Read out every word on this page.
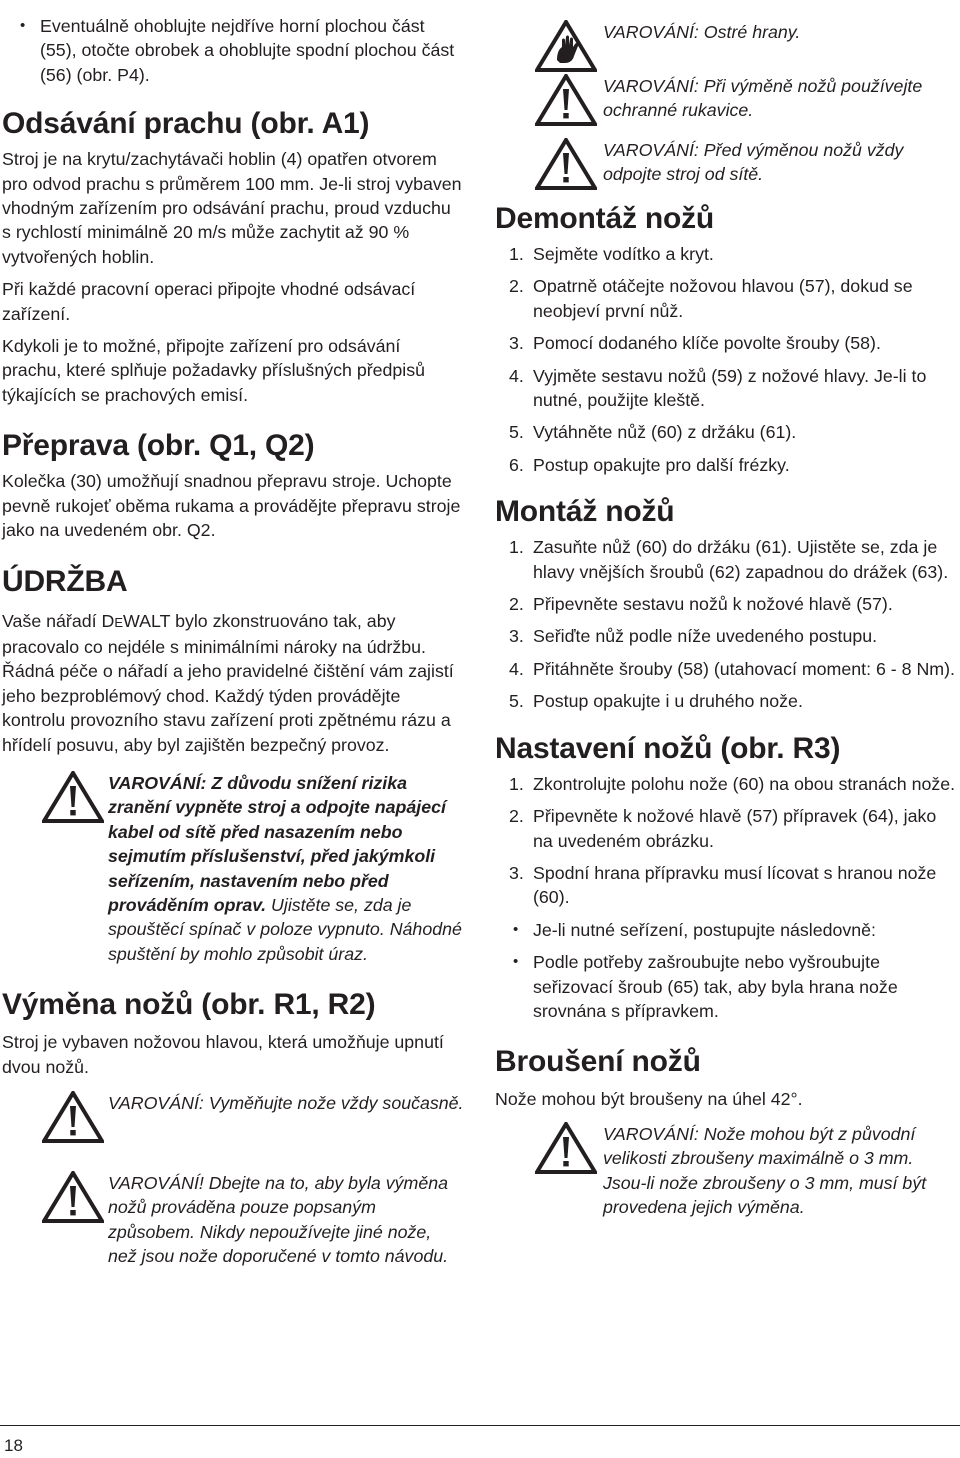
• Eventuálně ohoblujte nejdříve horní plochou část (55), otočte obrobek a ohoblujte spodní plochou část (56) (obr. P4).
Odsávání prachu (obr. A1)

Stroj je na krytu/zachytávači hoblin (4) opatřen otvorem pro odvod prachu s průměrem 100 mm. Je-li stroj vybaven vhodným zařízením pro odsávání prachu, proud vzduchu s rychlostí minimálně 20 m/s může zachytit až 90 % vytvořených hoblin.

Při každé pracovní operaci připojte vhodné odsávací zařízení.

Kdykoli je to možné, připojte zařízení pro odsávání prachu, které splňuje požadavky příslušných předpisů týkajících se prachových emisí.

Přeprava (obr. Q1, Q2)

Kolečka (30) umožňují snadnou přepravu stroje. Uchopte pevně rukojeť oběma rukama a provádějte přepravu stroje jako na uvedeném obr. Q2.

ÚDRŽBA

Vaše nářadí DEWALT bylo zkonstruováno tak, aby pracovalo co nejdéle s minimálními nároky na údržbu. Řádná péče o nářadí a jeho pravidelné čištění vám zajistí jeho bezproblémový chod. Každý týden provádějte kontrolu provozního stavu zařízení proti zpětnému rázu a hřídelí posuvu, aby byl zajištěn bezpečný provoz.

VAROVÁNÍ: Z důvodu snížení rizika zranění vypněte stroj a odpojte napájecí kabel od sítě před nasazením nebo sejmutím příslušenství, před jakýmkoli seřízením, nastavením nebo před prováděním oprav. Ujistěte se, zda je spouštěcí spínač v poloze vypnuto. Náhodné spuštění by mohlo způsobit úraz.

Výměna nožů (obr. R1, R2)

Stroj je vybaven nožovou hlavou, která umožňuje upnutí dvou nožů.

VAROVÁNÍ: Vyměňujte nože vždy současně.

VAROVÁNÍ! Dbejte na to, aby byla výměna nožů prováděna pouze popsaným způsobem. Nikdy nepoužívejte jiné nože, než jsou nože doporučené v tomto návodu.

VAROVÁNÍ: Ostré hrany.

VAROVÁNÍ: Při výměně nožů používejte ochranné rukavice.

VAROVÁNÍ: Před výměnou nožů vždy odpojte stroj od sítě.

Demontáž nožů
1. Sejměte vodítko a kryt.
2. Opatrně otáčejte nožovou hlavou (57), dokud se neobjeví první nůž.
3. Pomocí dodaného klíče povolte šrouby (58).
4. Vyjměte sestavu nožů (59) z nožové hlavy. Je-li to nutné, použijte kleště.
5. Vytáhněte nůž (60) z držáku (61).
6. Postup opakujte pro další frézky.
Montáž nožů
1. Zasuňte nůž (60) do držáku (61). Ujistěte se, zda je hlavy vnějších šroubů (62) zapadnou do drážek (63).
2. Připevněte sestavu nožů k nožové hlavě (57).
3. Seřiďte nůž podle níže uvedeného postupu.
4. Přitáhněte šrouby (58) (utahovací moment: 6 - 8 Nm).
5. Postup opakujte i u druhého nože.
Nastavení nožů (obr. R3)
1. Zkontrolujte polohu nože (60) na obou stranách nože.
2. Připevněte k nožové hlavě (57) přípravek (64), jako na uvedeném obrázku.
3. Spodní hrana přípravku musí lícovat s hranou nože (60).
• Je-li nutné seřízení, postupujte následovně:
• Podle potřeby zašroubujte nebo vyšroubujte seřizovací šroub (65) tak, aby byla hrana nože srovnána s přípravkem.
Broušení nožů

Nože mohou být broušeny na úhel 42°.

VAROVÁNÍ: Nože mohou být z původní velikosti zbroušeny maximálně o 3 mm. Jsou-li nože zbroušeny o 3 mm, musí být provedena jejich výměna.

18
